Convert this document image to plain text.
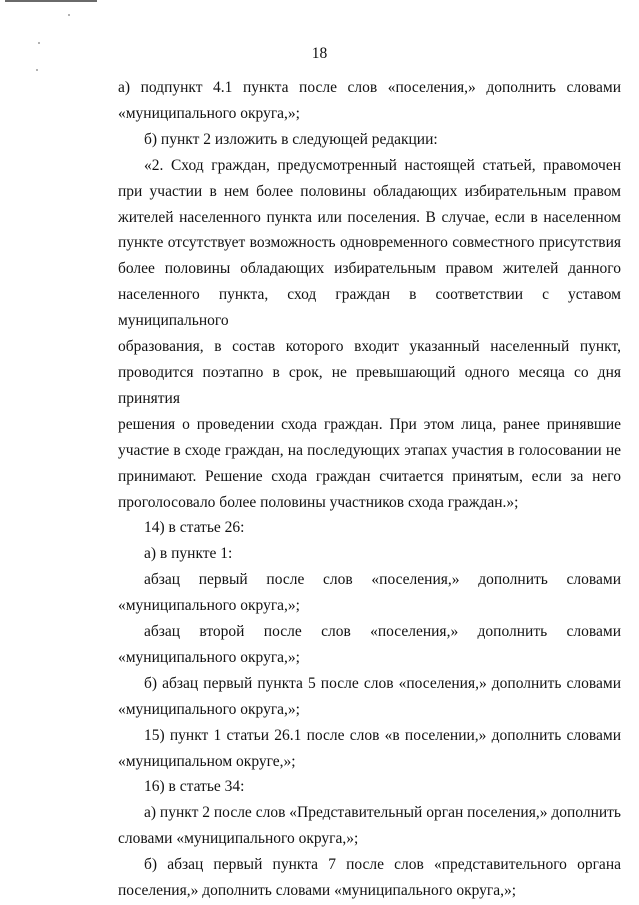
18

а) подпункт 4.1 пункта после слов «поселения,» дополнить словами

«муниципального округа,»;

б) пункт 2 изложить в следующей редакции:

«2. Сход граждан, предусмотренный настоящей статьей, правомочен

при участии в нем более половины обладающих избирательным правом

жителей населенного пункта или поселения. В случае, если в населенном

пункте отсутствует возможность одновременного совместного присутствия

более половины обладающих избирательным правом жителей данного

населенного пункта, сход граждан в соответствии с уставом муниципального

образования, в состав которого входит указанный населенный пункт,

проводится поэтапно в срок, не превышающий одного месяца со дня принятия

решения о проведении схода граждан. При этом лица, ранее принявшие

участие в сходе граждан, на последующих этапах участия в голосовании не

принимают. Решение схода граждан считается принятым, если за него

проголосовало более половины участников схода граждан.»;

14) в статье 26:

а) в пункте 1:

абзац первый после слов «поселения,» дополнить словами

«муниципального округа,»;

абзац второй после слов «поселения,» дополнить словами

«муниципального округа,»;

б) абзац первый пункта 5 после слов «поселения,» дополнить словами

«муниципального округа,»;

15) пункт 1 статьи 26.1 после слов «в поселении,» дополнить словами

«муниципальном округе,»;

16) в статье 34:

а) пункт 2 после слов «Представительный орган поселения,» дополнить

словами «муниципального округа,»;

б) абзац первый пункта 7 после слов «представительного органа

поселения,» дополнить словами «муниципального округа,»;
